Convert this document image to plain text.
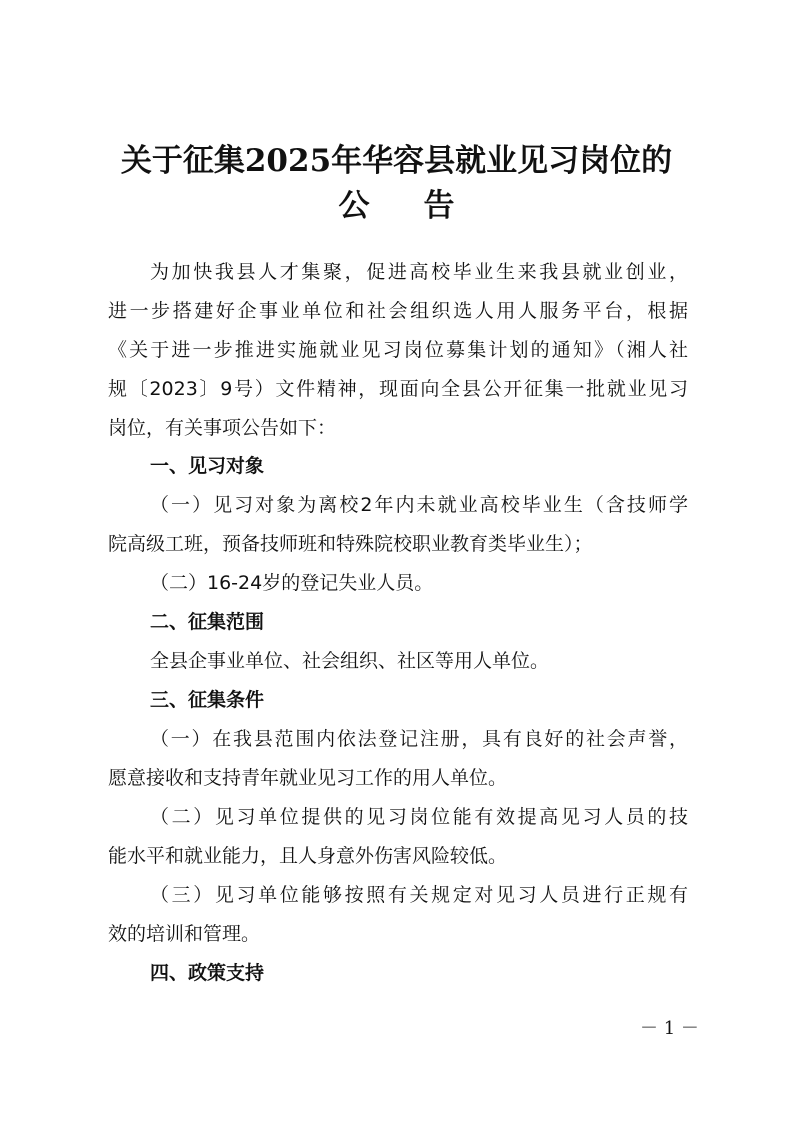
关于征集2025年华容县就业见习岗位的
公 告
为加快我县人才集聚，促进高校毕业生来我县就业创业，
进一步搭建好企事业单位和社会组织选人用人服务平台，根据
《关于进一步推进实施就业见习岗位募集计划的通知》（湘人社
规〔2023〕9号）文件精神，现面向全县公开征集一批就业见习
岗位，有关事项公告如下：
一、见习对象
（一）见习对象为离校2年内未就业高校毕业生（含技师学
院高级工班，预备技师班和特殊院校职业教育类毕业生）；
（二）16-24岁的登记失业人员。
二、征集范围
全县企事业单位、社会组织、社区等用人单位。
三、征集条件
（一）在我县范围内依法登记注册，具有良好的社会声誉，
愿意接收和支持青年就业见习工作的用人单位。
（二）见习单位提供的见习岗位能有效提高见习人员的技
能水平和就业能力，且人身意外伤害风险较低。
（三）见习单位能够按照有关规定对见习人员进行正规有
效的培训和管理。
四、政策支持
－ 1 －
